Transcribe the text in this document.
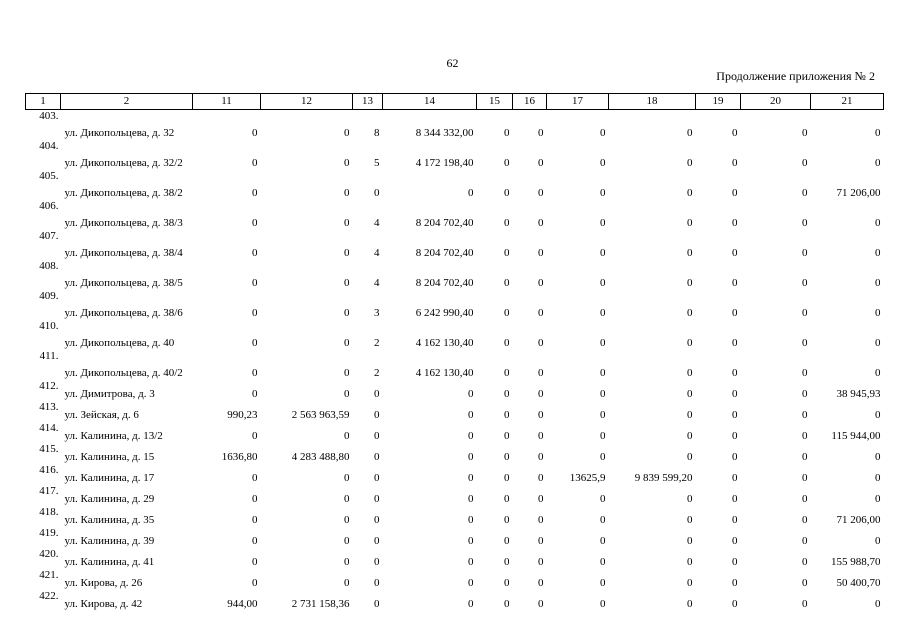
62
Продолжение приложения № 2
1	2	11	12	13	14	15	16	17	18	19	20	21
403.	ул. Дикопольцева, д. 32	0	0	8	8 344 332,00	0	0	0	0	0	0	0
404.	ул. Дикопольцева, д. 32/2	0	0	5	4 172 198,40	0	0	0	0	0	0	0
405.	ул. Дикопольцева, д. 38/2	0	0	0	0	0	0	0	0	0	0	71 206,00
406.	ул. Дикопольцева, д. 38/3	0	0	4	8 204 702,40	0	0	0	0	0	0	0
407.	ул. Дикопольцева, д. 38/4	0	0	4	8 204 702,40	0	0	0	0	0	0	0
408.	ул. Дикопольцева, д. 38/5	0	0	4	8 204 702,40	0	0	0	0	0	0	0
409.	ул. Дикопольцева, д. 38/6	0	0	3	6 242 990,40	0	0	0	0	0	0	0
410.	ул. Дикопольцева, д. 40	0	0	2	4 162 130,40	0	0	0	0	0	0	0
411.	ул. Дикопольцева, д. 40/2	0	0	2	4 162 130,40	0	0	0	0	0	0	0
412.	ул. Димитрова, д. 3	0	0	0	0	0	0	0	0	0	0	38 945,93
413.	ул. Зейская, д. 6	990,23	2 563 963,59	0	0	0	0	0	0	0	0	0
414.	ул. Калинина, д. 13/2	0	0	0	0	0	0	0	0	0	0	115 944,00
415.	ул. Калинина, д. 15	1636,80	4 283 488,80	0	0	0	0	0	0	0	0	0
416.	ул. Калинина, д. 17	0	0	0	0	0	0	13625,9	9 839 599,20	0	0	0
417.	ул. Калинина, д. 29	0	0	0	0	0	0	0	0	0	0	0
418.	ул. Калинина, д. 35	0	0	0	0	0	0	0	0	0	0	71 206,00
419.	ул. Калинина, д. 39	0	0	0	0	0	0	0	0	0	0	0
420.	ул. Калинина, д. 41	0	0	0	0	0	0	0	0	0	0	155 988,70
421.	ул. Кирова, д. 26	0	0	0	0	0	0	0	0	0	0	50 400,70
422.	ул. Кирова, д. 42	944,00	2 731 158,36	0	0	0	0	0	0	0	0	0
